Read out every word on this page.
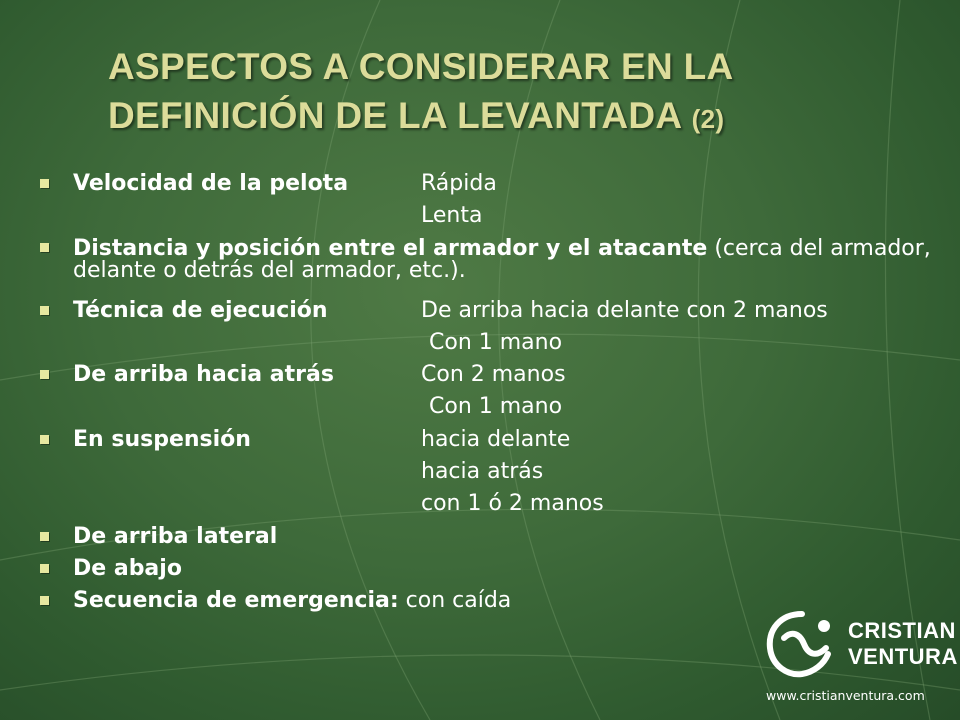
ASPECTOS A CONSIDERAR EN LA DEFINICIÓN DE LA LEVANTADA (2)
Velocidad de la pelota	Rápida
Lenta
Distancia y posición entre el armador y el atacante (cerca del armador, delante o detrás del armador, etc.).
Técnica de ejecución	De arriba hacia delante con 2 manos
Con 1 mano
De arriba hacia atrás	Con 2 manos
Con 1 mano
En suspensión	hacia delante
hacia atrás
con 1 ó 2 manos
De arriba lateral
De abajo
Secuencia de emergencia: con caída
CRISTIAN
VENTURA
www.cristianventura.com
